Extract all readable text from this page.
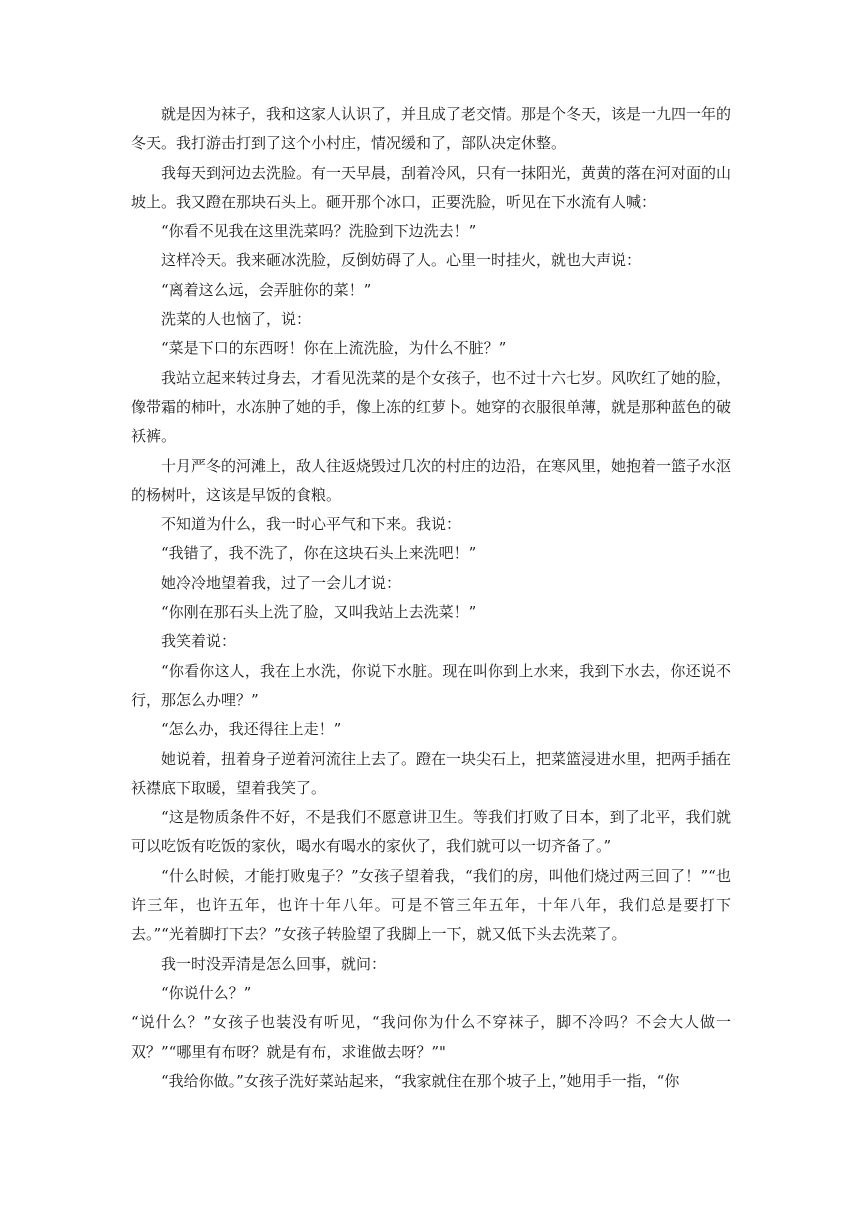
就是因为袜子，我和这家人认识了，并且成了老交情。那是个冬天，该是一九四一年的冬天。我打游击打到了这个小村庄，情况缓和了，部队决定休整。

我每天到河边去洗脸。有一天早晨，刮着冷风，只有一抹阳光，黄黄的落在河对面的山坡上。我又蹬在那块石头上。砸开那个冰口，正要洗脸，听见在下水流有人喊：

“你看不见我在这里洗菜吗？洗脸到下边洗去！”

这样冷天。我来砸冰洗脸，反倒妨碍了人。心里一时挂火，就也大声说：

“离着这么远，会弄脏你的菜！”

洗菜的人也恼了，说：

“菜是下口的东西呀！你在上流洗脸，为什么不脏？”

我站立起来转过身去，才看见洗菜的是个女孩子，也不过十六七岁。风吹红了她的脸，像带霜的柿叶，水冻肿了她的手，像上冻的红萝卜。她穿的衣服很单薄，就是那种蓝色的破袄裤。

十月严冬的河滩上，敌人往返烧毁过几次的村庄的边沿，在寒风里，她抱着一篮子水沤的杨树叶，这该是早饭的食粮。

不知道为什么，我一时心平气和下来。我说：

“我错了，我不洗了，你在这块石头上来洗吧！”

她冷冷地望着我，过了一会儿才说：

“你刚在那石头上洗了脸，又叫我站上去洗菜！”

我笑着说：

“你看你这人，我在上水洗，你说下水脏。现在叫你到上水来，我到下水去，你还说不行，那怎么办哩？”

“怎么办，我还得往上走！”

她说着，扭着身子逆着河流往上去了。蹬在一块尖石上，把菜篮浸进水里，把两手插在袄襟底下取暖，望着我笑了。

“这是物质条件不好，不是我们不愿意讲卫生。等我们打败了日本，到了北平，我们就可以吃饭有吃饭的家伙，喝水有喝水的家伙了，我们就可以一切齐备了。”

“什么时候，才能打败鬼子？”女孩子望着我，“我们的房，叫他们烧过两三回了！”“也许三年，也许五年，也许十年八年。可是不管三年五年，十年八年，我们总是要打下去。”“光着脚打下去？”女孩子转脸望了我脚上一下，就又低下头去洗菜了。

我一时没弄清是怎么回事，就问：

“你说什么？”

“说什么？”女孩子也装没有听见，“我问你为什么不穿袜子，脚不冷吗？不会大人做一双？”“哪里有布呀？就是有布，求谁做去呀？”"

“我给你做。”女孩子洗好菜站起来，“我家就住在那个坡子上，”她用手一指，“你
